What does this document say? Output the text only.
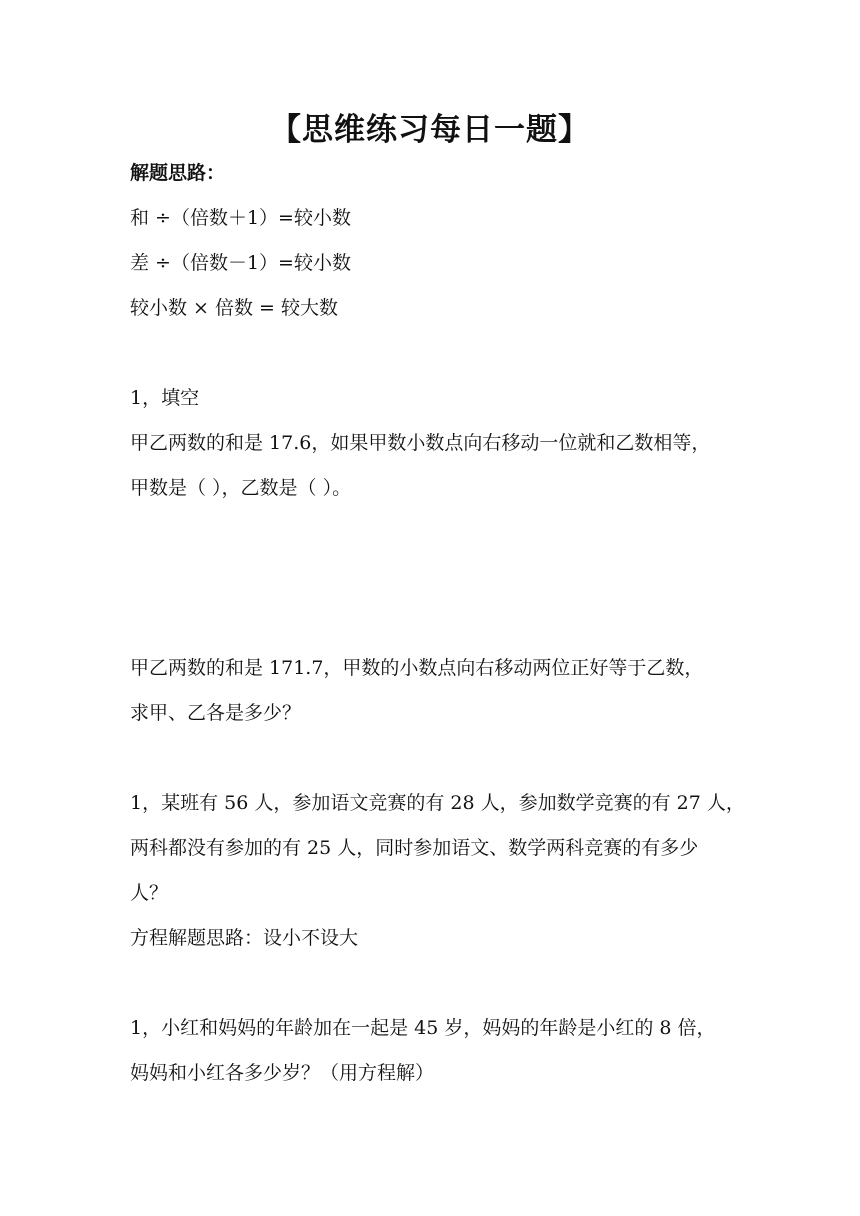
【思维练习每日一题】
解题思路：
和 ÷（倍数＋1）=较小数
差 ÷（倍数－1）=较小数
较小数 × 倍数 = 较大数
1，填空
甲乙两数的和是 17.6，如果甲数小数点向右移动一位就和乙数相等，
甲数是（ ），乙数是（ ）。
甲乙两数的和是 171.7，甲数的小数点向右移动两位正好等于乙数，
求甲、乙各是多少？
1，某班有 56 人，参加语文竞赛的有 28 人，参加数学竞赛的有 27 人，
两科都没有参加的有 25 人，同时参加语文、数学两科竞赛的有多少
人？
方程解题思路：设小不设大
1，小红和妈妈的年龄加在一起是 45 岁，妈妈的年龄是小红的 8 倍，
妈妈和小红各多少岁？（用方程解）
